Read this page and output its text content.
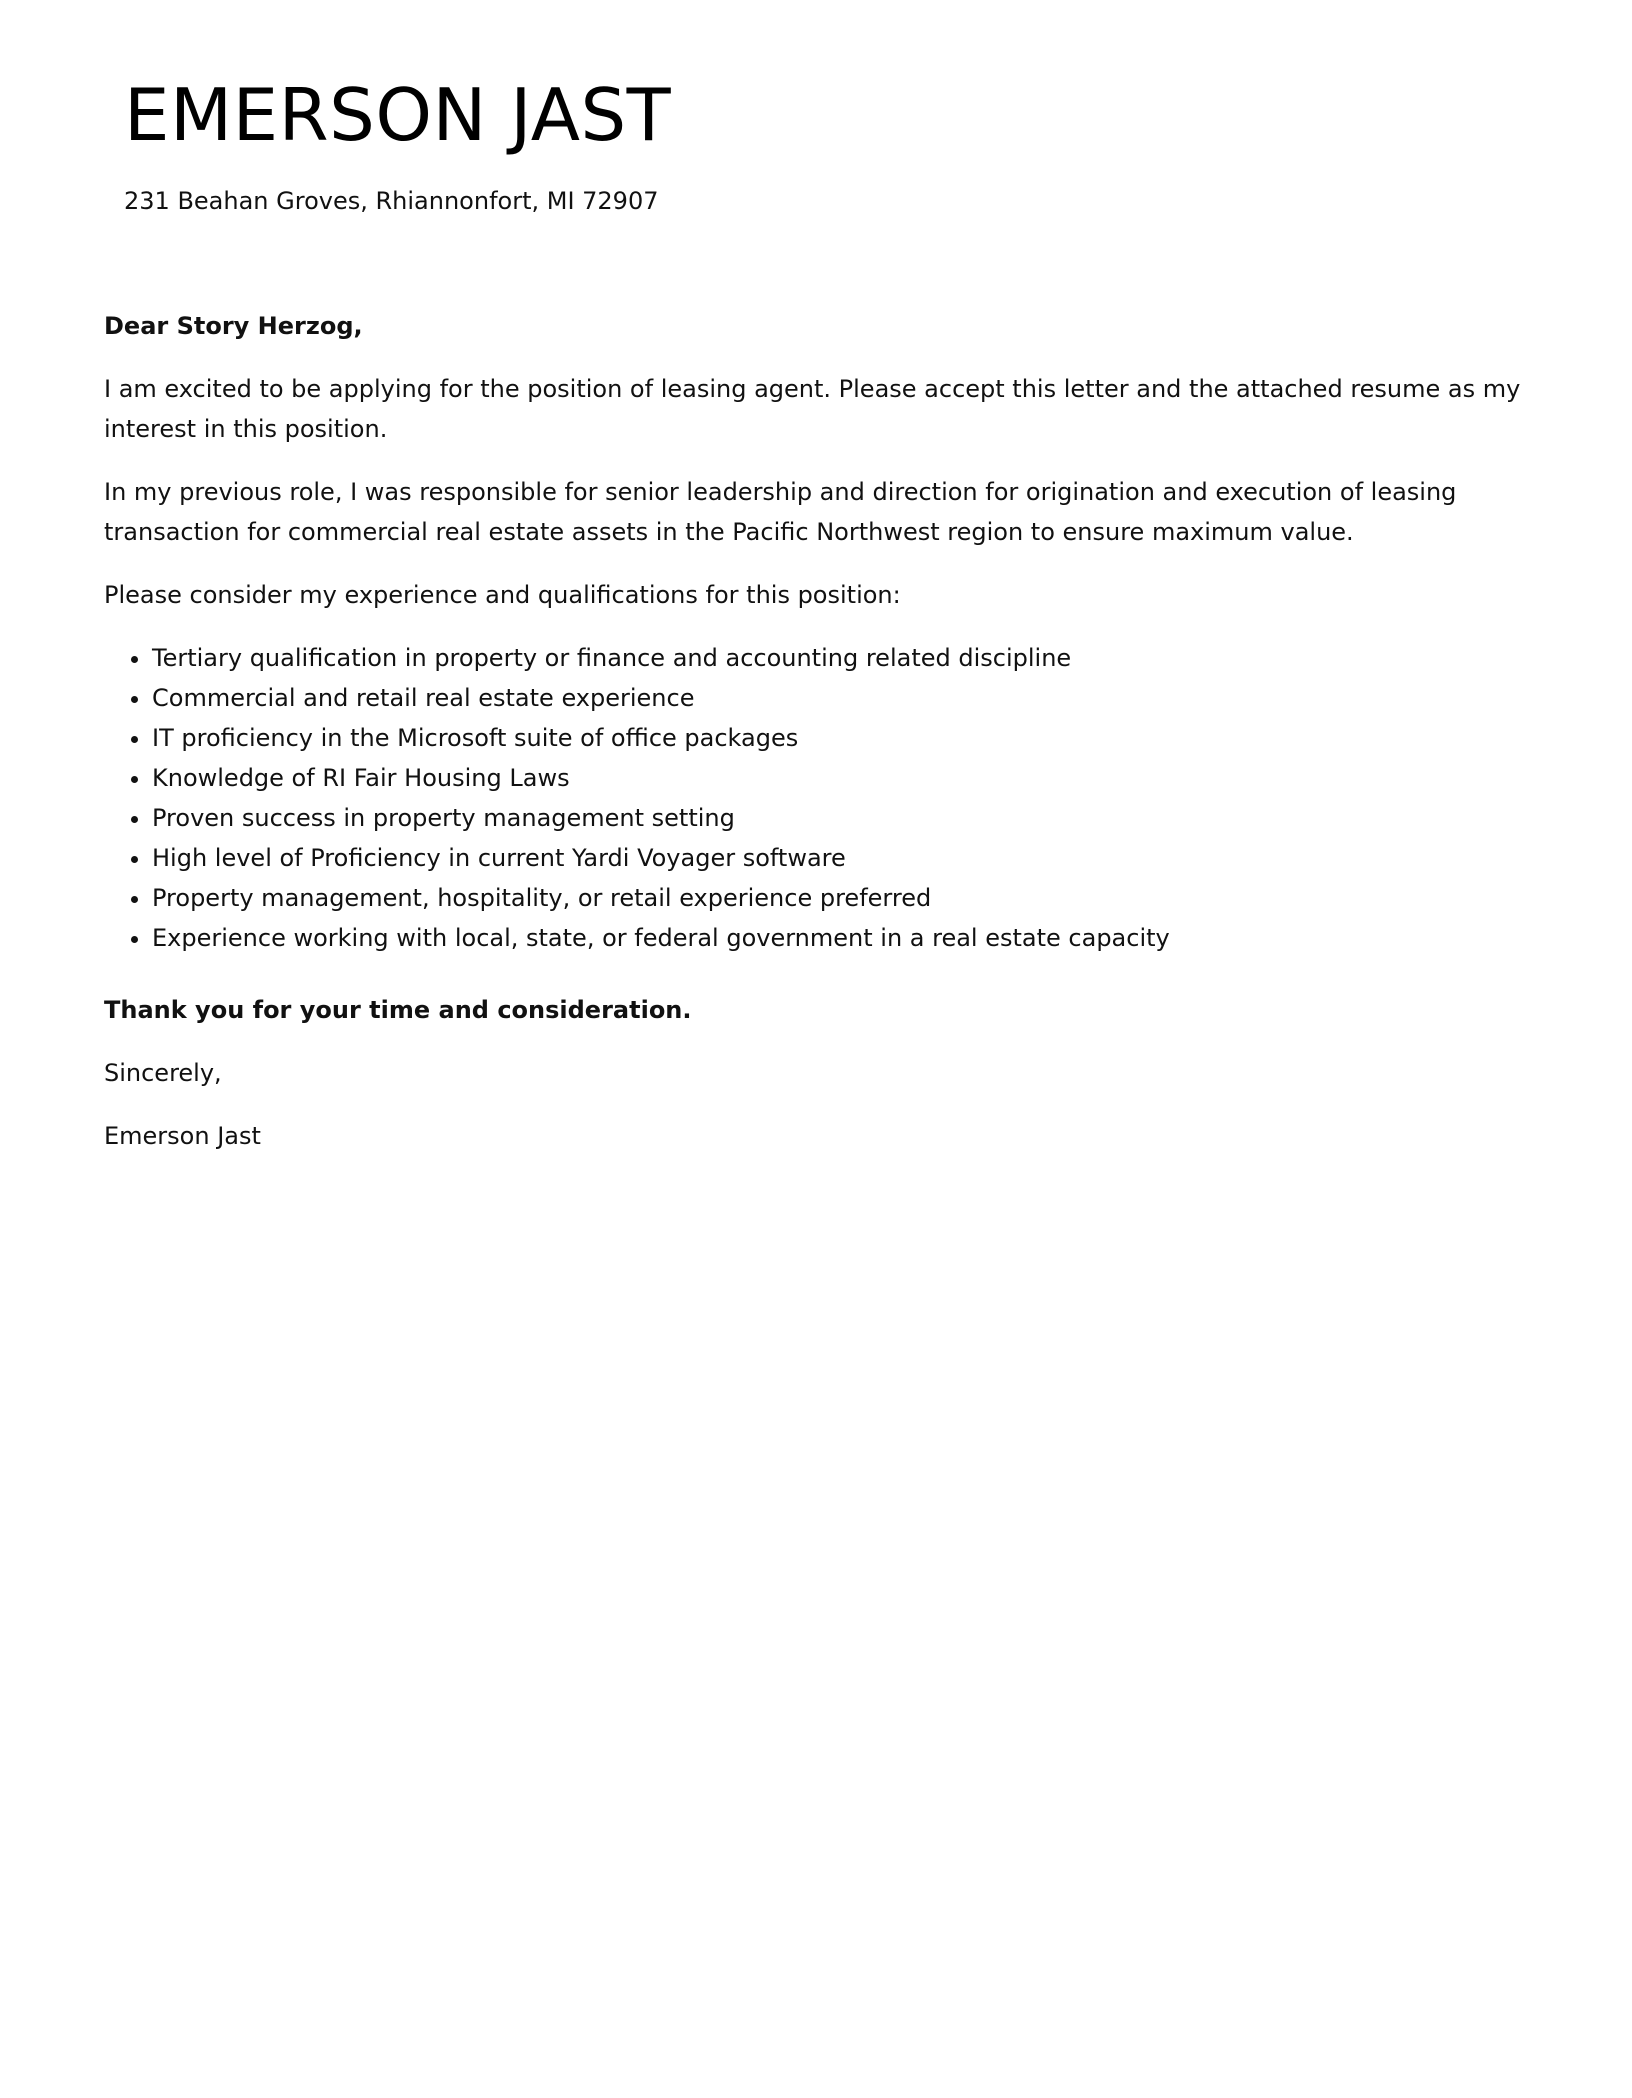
EMERSON JAST
231 Beahan Groves, Rhiannonfort, MI 72907

Dear Story Herzog,

I am excited to be applying for the position of leasing agent. Please accept this letter and the attached resume as my interest in this position.

In my previous role, I was responsible for senior leadership and direction for origination and execution of leasing transaction for commercial real estate assets in the Pacific Northwest region to ensure maximum value.

Please consider my experience and qualifications for this position:

• Tertiary qualification in property or finance and accounting related discipline
• Commercial and retail real estate experience
• IT proficiency in the Microsoft suite of office packages
• Knowledge of RI Fair Housing Laws
• Proven success in property management setting
• High level of Proficiency in current Yardi Voyager software
• Property management, hospitality, or retail experience preferred
• Experience working with local, state, or federal government in a real estate capacity

Thank you for your time and consideration.

Sincerely,

Emerson Jast
